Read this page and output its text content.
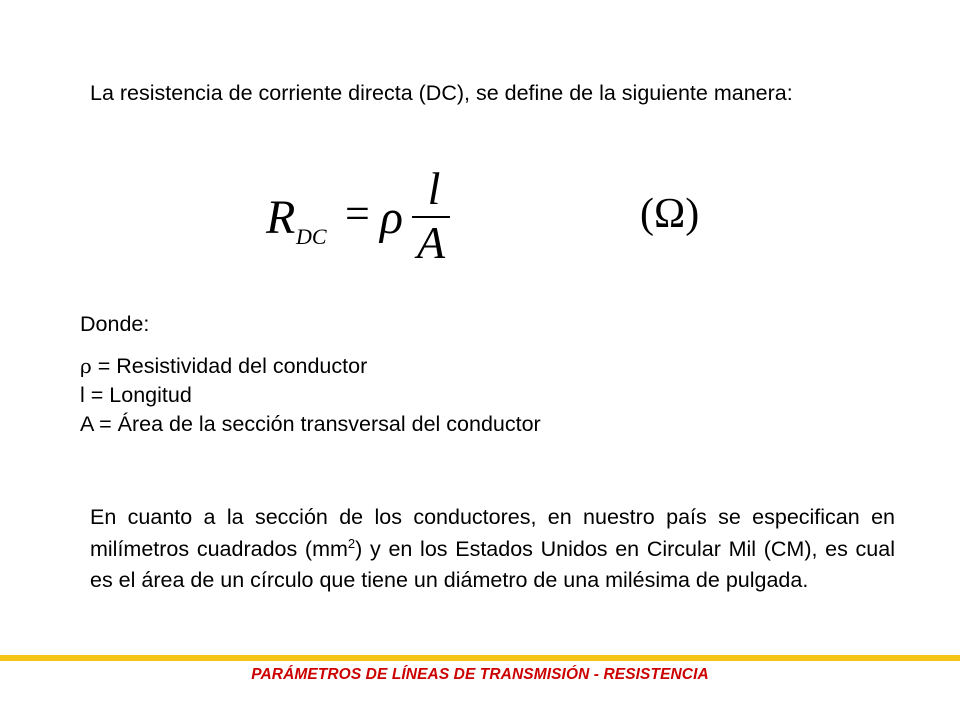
La resistencia de corriente directa (DC), se define de la siguiente manera:

R DC = ρ
l
A
(Ω)
Donde:
ρ = Resistividad del conductor
l = Longitud
A = Área de la sección transversal del conductor

En cuanto a la sección de los conductores, en nuestro país se especifican en milímetros cuadrados $(mm^2)$ y en los Estados Unidos en Circular Mil (CM), es cual es el área de un círculo que tiene un diámetro de una milésima de pulgada.

PARÁMETROS DE LÍNEAS DE TRANSMISIÓN - RESISTENCIA
